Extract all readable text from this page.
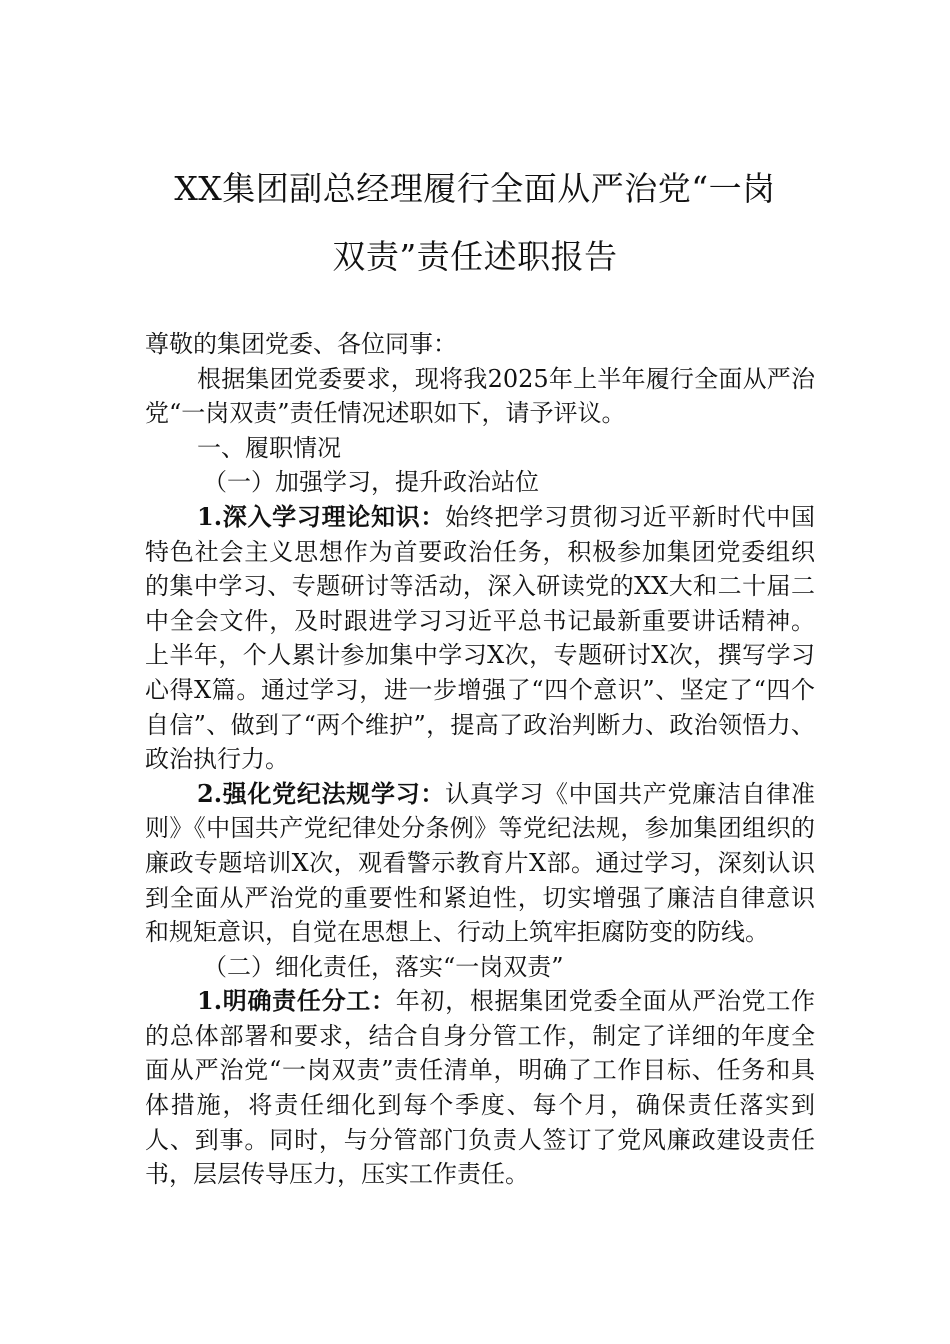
XX集团副总经理履行全面从严治党“一岗
双责”责任述职报告

尊敬的集团党委、各位同事：

根据集团党委要求，现将我2025年上半年履行全面从严治党“一岗双责”责任情况述职如下，请予评议。

一、履职情况

（一）加强学习，提升政治站位

1.深入学习理论知识：始终把学习贯彻习近平新时代中国特色社会主义思想作为首要政治任务，积极参加集团党委组织的集中学习、专题研讨等活动，深入研读党的XX大和二十届二中全会文件，及时跟进学习习近平总书记最新重要讲话精神。上半年，个人累计参加集中学习X次，专题研讨X次，撰写学习心得X篇。通过学习，进一步增强了“四个意识”、坚定了“四个自信”、做到了“两个维护”，提高了政治判断力、政治领悟力、政治执行力。

2.强化党纪法规学习：认真学习《中国共产党廉洁自律准则》《中国共产党纪律处分条例》等党纪法规，参加集团组织的廉政专题培训X次，观看警示教育片X部。通过学习，深刻认识到全面从严治党的重要性和紧迫性，切实增强了廉洁自律意识和规矩意识，自觉在思想上、行动上筑牢拒腐防变的防线。

（二）细化责任，落实“一岗双责”

1.明确责任分工：年初，根据集团党委全面从严治党工作的总体部署和要求，结合自身分管工作，制定了详细的年度全面从严治党“一岗双责”责任清单，明确了工作目标、任务和具体措施，将责任细化到每个季度、每个月，确保责任落实到人、到事。同时，与分管部门负责人签订了党风廉政建设责任书，层层传导压力，压实工作责任。
